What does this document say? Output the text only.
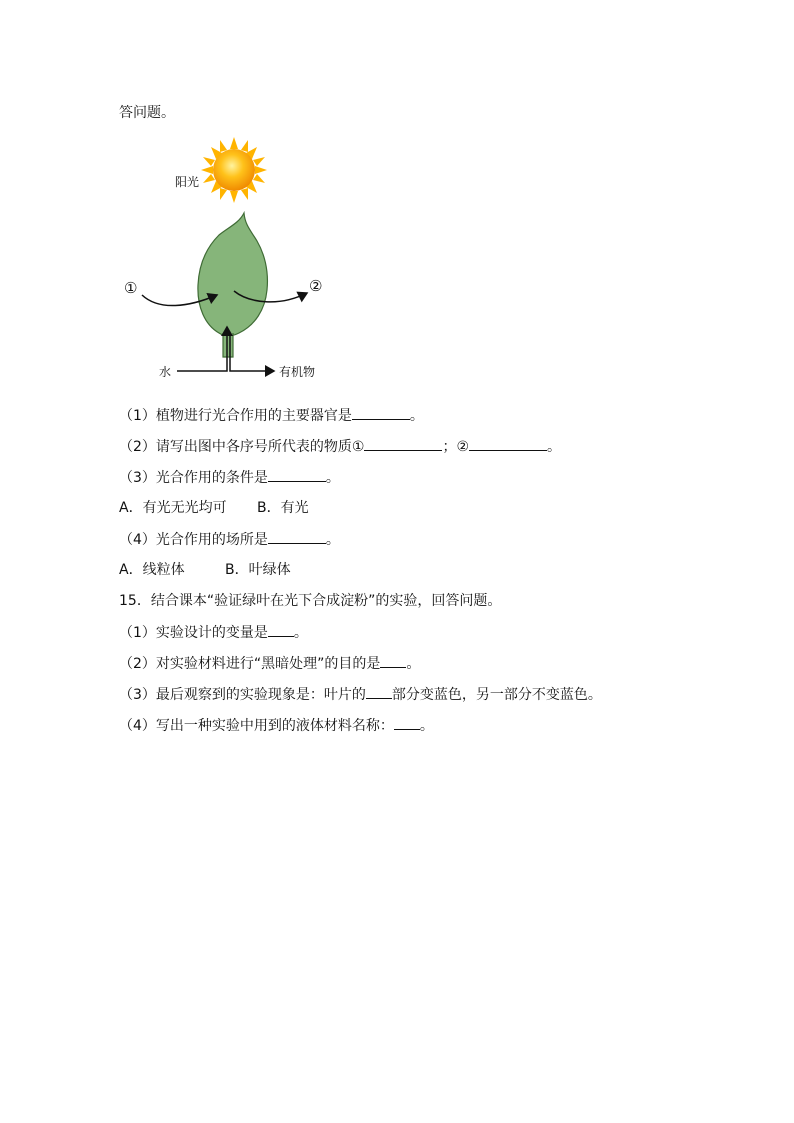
答问题。
阳光
①	②
水	有机物
（1）植物进行光合作用的主要器官是	。
（2）请写出图中各序号所代表的物质①	；②	。
（3）光合作用的条件是	。
A．有光无光均可 B．有光
（4）光合作用的场所是	。
A．线粒体	B．叶绿体
15．结合课本“验证绿叶在光下合成淀粉”的实验，回答问题。
（1）实验设计的变量是 。
（2）对实验材料进行“黑暗处理”的目的是 。
（3）最后观察到的实验现象是：叶片的 部分变蓝色，另一部分不变蓝色。
（4）写出一种实验中用到的液体材料名称： 。
